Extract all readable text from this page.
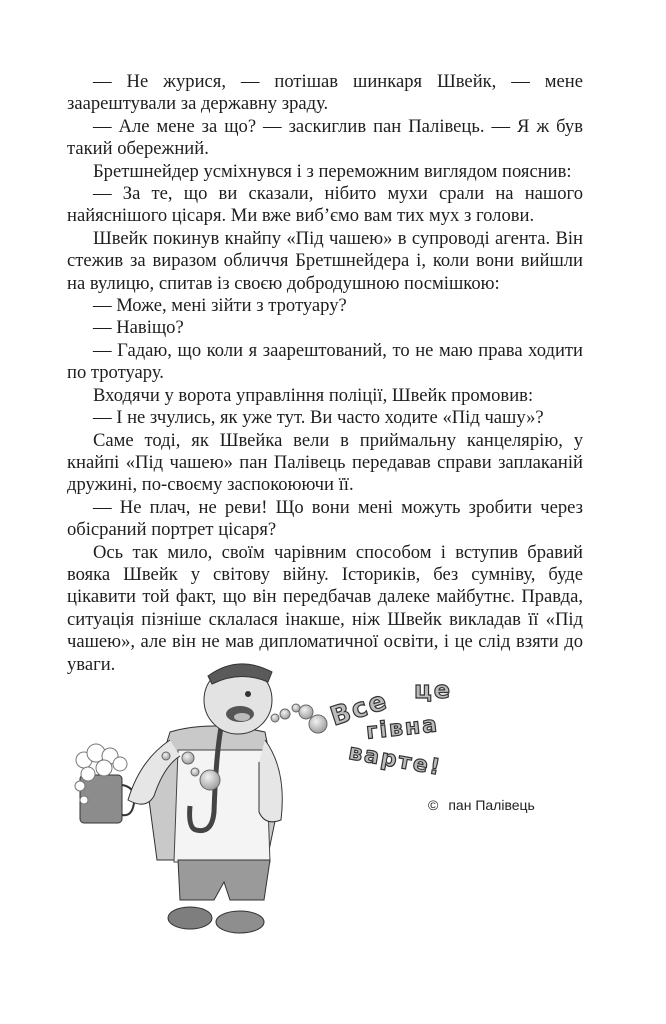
— Не журися, — потішав шинкаря Швейк, — мене заарештували за державну зраду.

— Але мене за що? — заскиглив пан Палівець. — Я ж був такий обережний.

Бретшнейдер усміхнувся і з переможним виглядом пояснив:

— За те, що ви сказали, нібито мухи срали на нашого найяснішого цісаря. Ми вже виб’ємо вам тих мух з голови.

Швейк покинув кнайпу «Під чашею» в супроводі агента. Він стежив за виразом обличчя Бретшнейдера і, коли вони вийшли на вулицю, спитав із своєю добродушною посмішкою:

— Може, мені зійти з тротуару?

— Навіщо?

— Гадаю, що коли я заарештований, то не маю права ходити по тротуару.

Входячи у ворота управління поліції, Швейк промовив:

— І не зчулись, як уже тут. Ви часто ходите «Під чашу»?

Саме тоді, як Швейка вели в приймальну канцелярію, у кнайпі «Під чашею» пан Палівець передавав справи заплаканій дружині, по-своєму заспокоюючи її.

— Не плач, не реви! Що вони мені можуть зробити через обісраний портрет цісаря?

Ось так мило, своїм чарівним способом і вступив бравий вояка Швейк у світову війну. Істориків, без сумніву, буде цікавити той факт, що він передбачав далеке майбутнє. Правда, ситуація пізніше склалася інакше, ніж Швейк викладав її «Під чашею», але він не мав дипломатичної освіти, і це слід взяти до уваги.

Все це
гівна
варте!
© пан Палівець
